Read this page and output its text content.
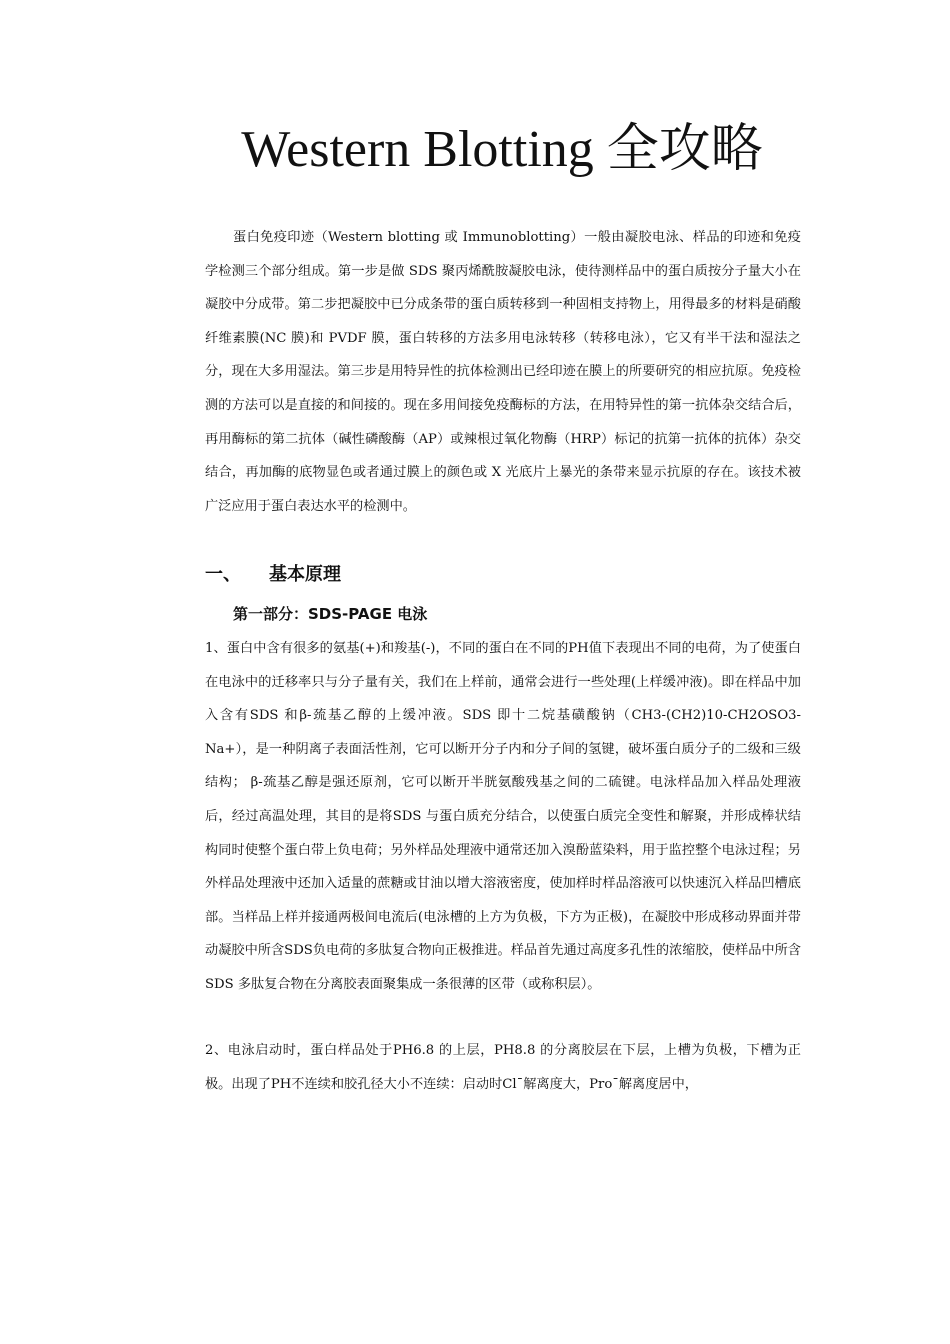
Western Blotting 全攻略

蛋白免疫印迹（Western blotting 或 Immunoblotting）一般由凝胶电泳、样品的印迹和免疫学检测三个部分组成。第一步是做 SDS 聚丙烯酰胺凝胶电泳，使待测样品中的蛋白质按分子量大小在凝胶中分成带。第二步把凝胶中已分成条带的蛋白质转移到一种固相支持物上，用得最多的材料是硝酸纤维素膜(NC 膜)和 PVDF 膜，蛋白转移的方法多用电泳转移（转移电泳），它又有半干法和湿法之分，现在大多用湿法。第三步是用特异性的抗体检测出已经印迹在膜上的所要研究的相应抗原。免疫检测的方法可以是直接的和间接的。现在多用间接免疫酶标的方法，在用特异性的第一抗体杂交结合后，再用酶标的第二抗体（碱性磷酸酶（AP）或辣根过氧化物酶（HRP）标记的抗第一抗体的抗体）杂交结合，再加酶的底物显色或者通过膜上的颜色或 X 光底片上暴光的条带来显示抗原的存在。该技术被广泛应用于蛋白表达水平的检测中。

一、 基本原理
第一部分：SDS-PAGE 电泳

1、蛋白中含有很多的氨基(+)和羧基(-)，不同的蛋白在不同的PH值下表现出不同的电荷，为了使蛋白在电泳中的迁移率只与分子量有关，我们在上样前，通常会进行一些处理(上样缓冲液)。即在样品中加入含有SDS 和β-巯基乙醇的上缓冲液。SDS 即十二烷基磺酸钠（CH3-(CH2)10-CH2OSO3- Na+），是一种阴离子表面活性剂，它可以断开分子内和分子间的氢键，破坏蛋白质分子的二级和三级结构； β-巯基乙醇是强还原剂，它可以断开半胱氨酸残基之间的二硫键。电泳样品加入样品处理液后，经过高温处理，其目的是将SDS 与蛋白质充分结合，以使蛋白质完全变性和解聚，并形成棒状结构同时使整个蛋白带上负电荷；另外样品处理液中通常还加入溴酚蓝染料，用于监控整个电泳过程；另外样品处理液中还加入适量的蔗糖或甘油以增大溶液密度，使加样时样品溶液可以快速沉入样品凹槽底部。当样品上样并接通两极间电流后(电泳槽的上方为负极，下方为正极)，在凝胶中形成移动界面并带动凝胶中所含SDS负电荷的多肽复合物向正极推进。样品首先通过高度多孔性的浓缩胶，使样品中所含SDS 多肽复合物在分离胶表面聚集成一条很薄的区带（或称积层）。

2、电泳启动时，蛋白样品处于PH6.8 的上层，PH8.8 的分离胶层在下层，上槽为负极，下槽为正极。出现了PH不连续和胶孔径大小不连续：启动时Cl¯解离度大，Pro¯解离度居中，
